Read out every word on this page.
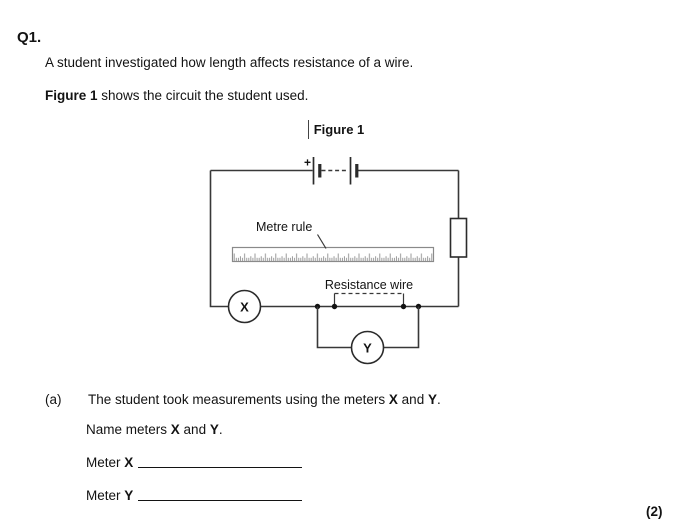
Q1.
A student investigated how length affects resistance of a wire.
Figure 1 shows the circuit the student used.
Figure 1
+
Metre rule
Resistance wire
X
Y
(a) The student took measurements using the meters X and Y.
Name meters X and Y.
Meter X
Meter Y
(2)
